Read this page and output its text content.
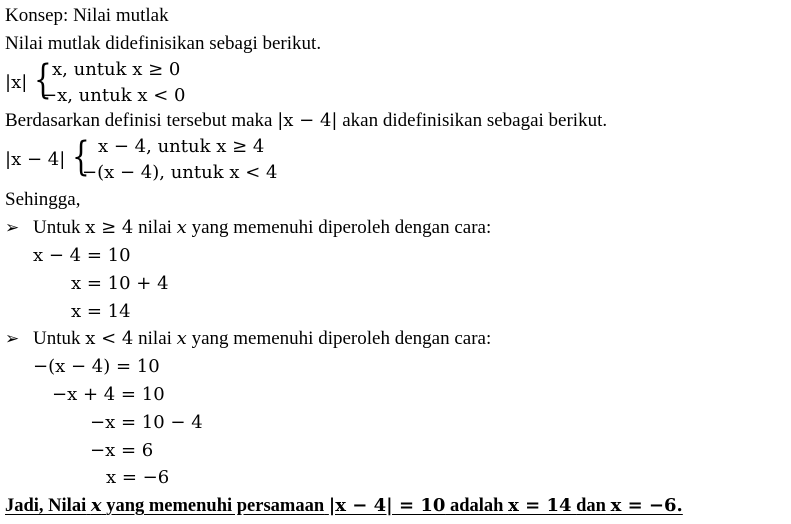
Konsep: Nilai mutlak
Nilai mutlak didefinisikan sebagi berikut.
|x| { x, untuk x ≥ 0
−x, untuk x < 0
Berdasarkan definisi tersebut maka |x − 4| akan didefinisikan sebagai berikut.
|x − 4| { x − 4, untuk x ≥ 4
−(x − 4), untuk x < 4
Sehingga,
➢ Untuk x ≥ 4 nilai x yang memenuhi diperoleh dengan cara:
x − 4 = 10
x = 10 + 4
x = 14
➢ Untuk x < 4 nilai x yang memenuhi diperoleh dengan cara:
−(x − 4) = 10
−x + 4 = 10
−x = 10 − 4
−x = 6
x = −6
Jadi, Nilai x yang memenuhi persamaan |x − 4| = 10 adalah x = 14 dan x = −6.
